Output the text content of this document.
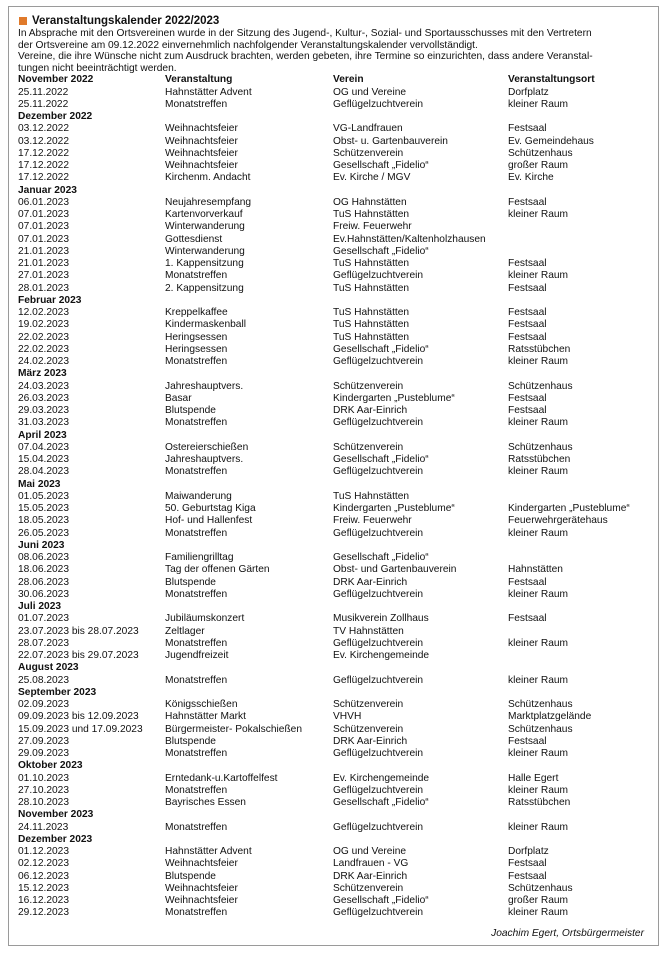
Veranstaltungskalender 2022/2023
In Absprache mit den Ortsvereinen wurde in der Sitzung des Jugend-, Kultur-, Sozial- und Sportausschusses mit den Vertretern
der Ortsvereine am 09.12.2022 einvernehmlich nachfolgender Veranstaltungskalender vervollständigt.
Vereine, die ihre Wünsche nicht zum Ausdruck brachten, werden gebeten, ihre Termine so einzurichten, dass andere Veranstal-
tungen nicht beeinträchtigt werden.
November 2022	Veranstaltung	Verein	Veranstaltungsort
25.11.2022	Hahnstätter Advent	OG und Vereine	Dorfplatz
25.11.2022	Monatstreffen	Geflügelzuchtverein	kleiner Raum
Dezember 2022
03.12.2022	Weihnachtsfeier	VG-Landfrauen	Festsaal
03.12.2022	Weihnachtsfeier	Obst- u. Gartenbauverein	Ev. Gemeindehaus
17.12.2022	Weihnachtsfeier	Schützenverein	Schützenhaus
17.12.2022	Weihnachtsfeier	Gesellschaft „Fidelio“	großer Raum
17.12.2022	Kirchenm. Andacht	Ev. Kirche / MGV	Ev. Kirche
Januar 2023
06.01.2023	Neujahresempfang	OG Hahnstätten	Festsaal
07.01.2023	Kartenvorverkauf	TuS Hahnstätten	kleiner Raum
07.01.2023	Winterwanderung	Freiw. Feuerwehr
07.01.2023	Gottesdienst	Ev.Hahnstätten/Kaltenholzhausen
21.01.2023	Winterwanderung	Gesellschaft „Fidelio“
21.01.2023	1. Kappensitzung	TuS Hahnstätten	Festsaal
27.01.2023	Monatstreffen	Geflügelzuchtverein	kleiner Raum
28.01.2023	2. Kappensitzung	TuS Hahnstätten	Festsaal
Februar 2023
12.02.2023	Kreppelkaffee	TuS Hahnstätten	Festsaal
19.02.2023	Kindermaskenball	TuS Hahnstätten	Festsaal
22.02.2023	Heringsessen	TuS Hahnstätten	Festsaal
22.02.2023	Heringsessen	Gesellschaft „Fidelio“	Ratsstübchen
24.02.2023	Monatstreffen	Geflügelzuchtverein	kleiner Raum
März 2023
24.03.2023	Jahreshauptvers.	Schützenverein	Schützenhaus
26.03.2023	Basar	Kindergarten „Pusteblume“	Festsaal
29.03.2023	Blutspende	DRK Aar-Einrich	Festsaal
31.03.2023	Monatstreffen	Geflügelzuchtverein	kleiner Raum
April 2023
07.04.2023	Ostereierschießen	Schützenverein	Schützenhaus
15.04.2023	Jahreshauptvers.	Gesellschaft „Fidelio“	Ratsstübchen
28.04.2023	Monatstreffen	Geflügelzuchtverein	kleiner Raum
Mai 2023
01.05.2023	Maiwanderung	TuS Hahnstätten
15.05.2023	50. Geburtstag Kiga	Kindergarten „Pusteblume“	Kindergarten „Pusteblume“
18.05.2023	Hof- und Hallenfest	Freiw. Feuerwehr	Feuerwehrgerätehaus
26.05.2023	Monatstreffen	Geflügelzuchtverein	kleiner Raum
Juni 2023
08.06.2023	Familiengrilltag	Gesellschaft „Fidelio“
18.06.2023	Tag der offenen Gärten	Obst- und Gartenbauverein	Hahnstätten
28.06.2023	Blutspende	DRK Aar-Einrich	Festsaal
30.06.2023	Monatstreffen	Geflügelzuchtverein	kleiner Raum
Juli 2023
01.07.2023	Jubiläumskonzert	Musikverein Zollhaus	Festsaal
23.07.2023 bis 28.07.2023	Zeltlager	TV Hahnstätten
28.07.2023	Monatstreffen	Geflügelzuchtverein	kleiner Raum
22.07.2023 bis 29.07.2023	Jugendfreizeit	Ev. Kirchengemeinde
August 2023
25.08.2023	Monatstreffen	Geflügelzuchtverein	kleiner Raum
September 2023
02.09.2023	Königsschießen	Schützenverein	Schützenhaus
09.09.2023 bis 12.09.2023	Hahnstätter Markt	VHVH	Marktplatzgelände
15.09.2023 und 17.09.2023	Bürgermeister- Pokalschießen	Schützenverein	Schützenhaus
27.09.2023	Blutspende	DRK Aar-Einrich	Festsaal
29.09.2023	Monatstreffen	Geflügelzuchtverein	kleiner Raum
Oktober 2023
01.10.2023	Erntedank-u.Kartoffelfest	Ev. Kirchengemeinde	Halle Egert
27.10.2023	Monatstreffen	Geflügelzuchtverein	kleiner Raum
28.10.2023	Bayrisches Essen	Gesellschaft „Fidelio“	Ratsstübchen
November 2023
24.11.2023	Monatstreffen	Geflügelzuchtverein	kleiner Raum
Dezember 2023
01.12.2023	Hahnstätter Advent	OG und Vereine	Dorfplatz
02.12.2023	Weihnachtsfeier	Landfrauen - VG	Festsaal
06.12.2023	Blutspende	DRK Aar-Einrich	Festsaal
15.12.2023	Weihnachtsfeier	Schützenverein	Schützenhaus
16.12.2023	Weihnachtsfeier	Gesellschaft „Fidelio“	großer Raum
29.12.2023	Monatstreffen	Geflügelzuchtverein	kleiner Raum
Joachim Egert, Ortsbürgermeister
